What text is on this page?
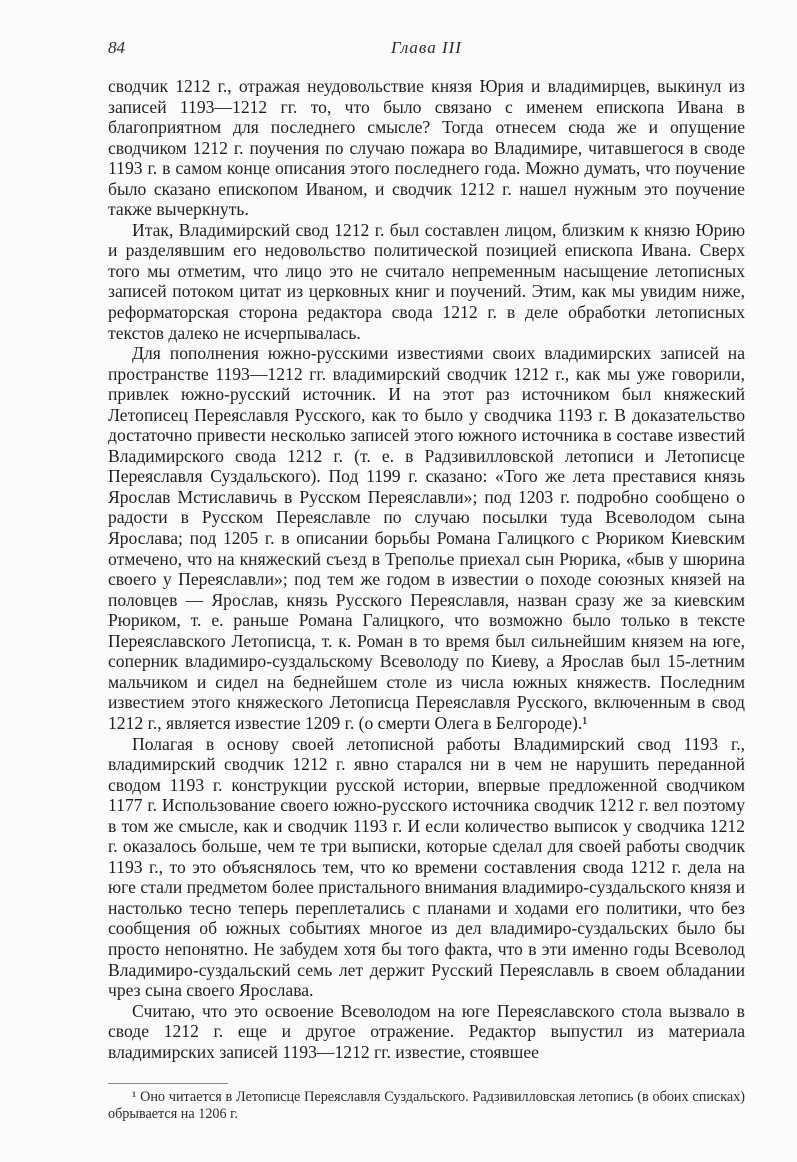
84	Глава III

сводчик 1212 г., отражая неудовольствие князя Юрия и владимирцев, выкинул из записей 1193—1212 гг. то, что было связано с именем епископа Ивана в благоприятном для последнего смысле? Тогда отнесем сюда же и опущение сводчиком 1212 г. поучения по случаю пожара во Владимире, читавшегося в своде 1193 г. в самом конце описания этого последнего года. Можно думать, что поучение было сказано епископом Иваном, и сводчик 1212 г. нашел нужным это поучение также вычеркнуть.

Итак, Владимирский свод 1212 г. был составлен лицом, близким к князю Юрию и разделявшим его недовольство политической позицией епископа Ивана. Сверх того мы отметим, что лицо это не считало непременным насыщение летописных записей потоком цитат из церковных книг и поучений. Этим, как мы увидим ниже, реформаторская сторона редактора свода 1212 г. в деле обработки летописных текстов далеко не исчерпывалась.

Для пополнения южно-русскими известиями своих владимирских записей на пространстве 1193—1212 гг. владимирский сводчик 1212 г., как мы уже говорили, привлек южно-русский источник. И на этот раз источником был княжеский Летописец Переяславля Русского, как то было у сводчика 1193 г. В доказательство достаточно привести несколько записей этого южного источника в составе известий Владимирского свода 1212 г. (т. е. в Радзивилловской летописи и Летописце Переяславля Суздальского). Под 1199 г. сказано: «Того же лета преставися князь Ярослав Мстиславичь в Русском Переяславли»; под 1203 г. подробно сообщено о радости в Русском Переяславле по случаю посылки туда Всеволодом сына Ярослава; под 1205 г. в описании борьбы Романа Галицкого с Рюриком Киевским отмечено, что на княжеский съезд в Треполье приехал сын Рюрика, «быв у шюрина своего у Переяславли»; под тем же годом в известии о походе союзных князей на половцев — Ярослав, князь Русского Переяславля, назван сразу же за киевским Рюриком, т. е. раньше Романа Галицкого, что возможно было только в тексте Переяславского Летописца, т. к. Роман в то время был сильнейшим князем на юге, соперник владимиро-суздальскому Всеволоду по Киеву, а Ярослав был 15-летним мальчиком и сидел на беднейшем столе из числа южных княжеств. Последним известием этого княжеского Летописца Переяславля Русского, включенным в свод 1212 г., является известие 1209 г. (о смерти Олега в Белгороде).¹

Полагая в основу своей летописной работы Владимирский свод 1193 г., владимирский сводчик 1212 г. явно старался ни в чем не нарушить переданной сводом 1193 г. конструкции русской истории, впервые предложенной сводчиком 1177 г. Использование своего южно-русского источника сводчик 1212 г. вел поэтому в том же смысле, как и сводчик 1193 г. И если количество выписок у сводчика 1212 г. оказалось больше, чем те три выписки, которые сделал для своей работы сводчик 1193 г., то это объяснялось тем, что ко времени составления свода 1212 г. дела на юге стали предметом более пристального внимания владимиро-суздальского князя и настолько тесно теперь переплетались с планами и ходами его политики, что без сообщения об южных событиях многое из дел владимиро-суздальских было бы просто непонятно. Не забудем хотя бы того факта, что в эти именно годы Всеволод Владимиро-суздальский семь лет держит Русский Переяславль в своем обладании чрез сына своего Ярослава.

Считаю, что это освоение Всеволодом на юге Переяславского стола вызвало в своде 1212 г. еще и другое отражение. Редактор выпустил из материала владимирских записей 1193—1212 гг. известие, стоявшее

¹ Оно читается в Летописце Переяславля Суздальского. Радзивилловская летопись (в обоих списках) обрывается на 1206 г.
